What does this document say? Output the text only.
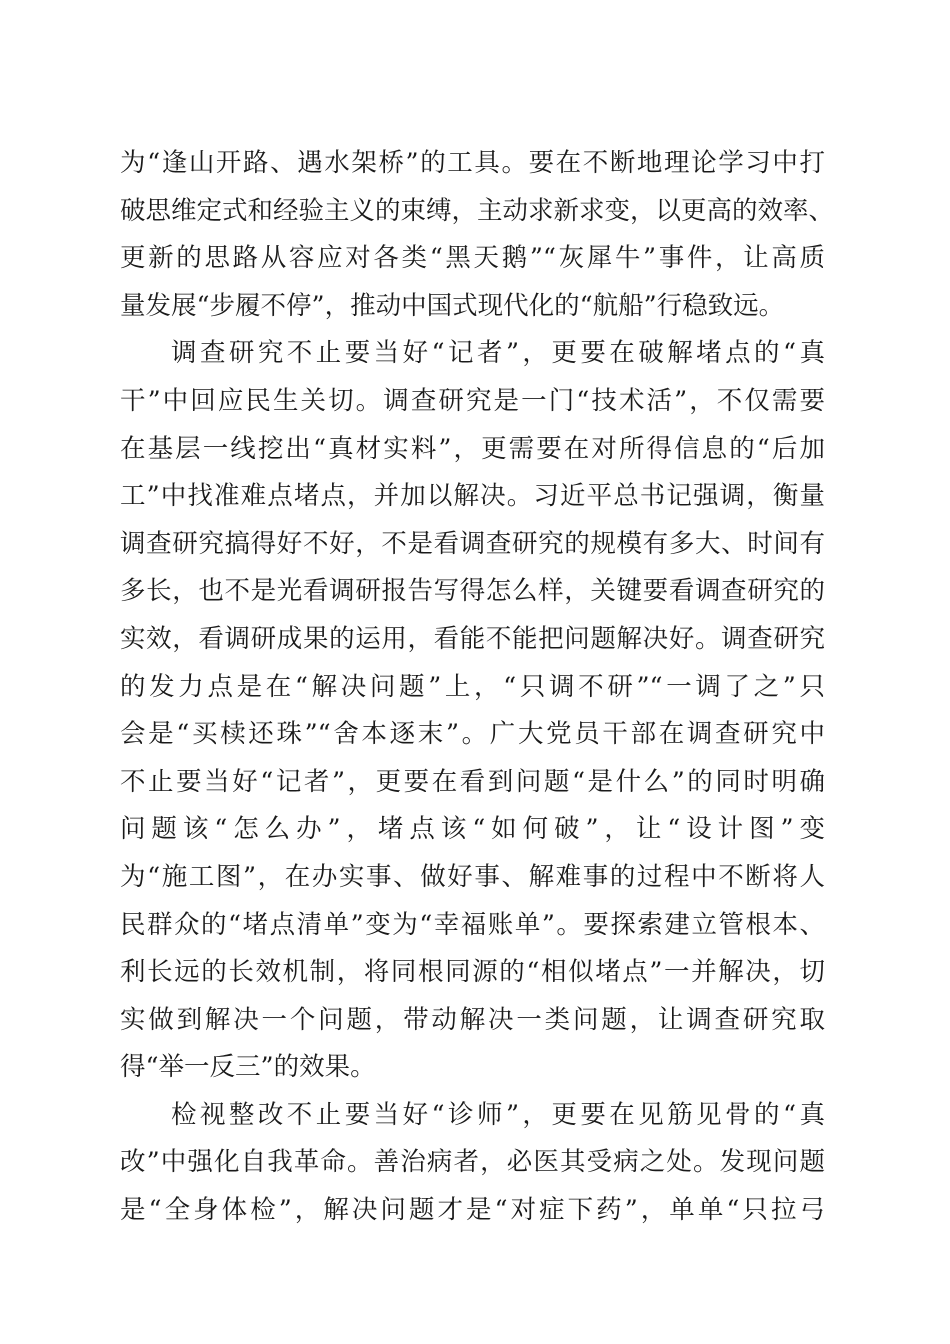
为“逢山开路、遇水架桥”的工具。要在不断地理论学习中打
破思维定式和经验主义的束缚，主动求新求变，以更高的效率、
更新的思路从容应对各类“黑天鹅”“灰犀牛”事件，让高质
量发展“步履不停”，推动中国式现代化的“航船”行稳致远。
调查研究不止要当好“记者”，更要在破解堵点的“真
干”中回应民生关切。调查研究是一门“技术活”，不仅需要
在基层一线挖出“真材实料”，更需要在对所得信息的“后加
工”中找准难点堵点，并加以解决。习近平总书记强调，衡量
调查研究搞得好不好，不是看调查研究的规模有多大、时间有
多长，也不是光看调研报告写得怎么样，关键要看调查研究的
实效，看调研成果的运用，看能不能把问题解决好。调查研究
的发力点是在“解决问题”上，“只调不研”“一调了之”只
会是“买椟还珠”“舍本逐末”。广大党员干部在调查研究中
不止要当好“记者”，更要在看到问题“是什么”的同时明确
问题该“怎么办”，堵点该“如何破”，让“设计图”变
为“施工图”，在办实事、做好事、解难事的过程中不断将人
民群众的“堵点清单”变为“幸福账单”。要探索建立管根本、
利长远的长效机制，将同根同源的“相似堵点”一并解决，切
实做到解决一个问题，带动解决一类问题，让调查研究取
得“举一反三”的效果。
检视整改不止要当好“诊师”，更要在见筋见骨的“真
改”中强化自我革命。善治病者，必医其受病之处。发现问题
是“全身体检”，解决问题才是“对症下药”，单单“只拉弓
